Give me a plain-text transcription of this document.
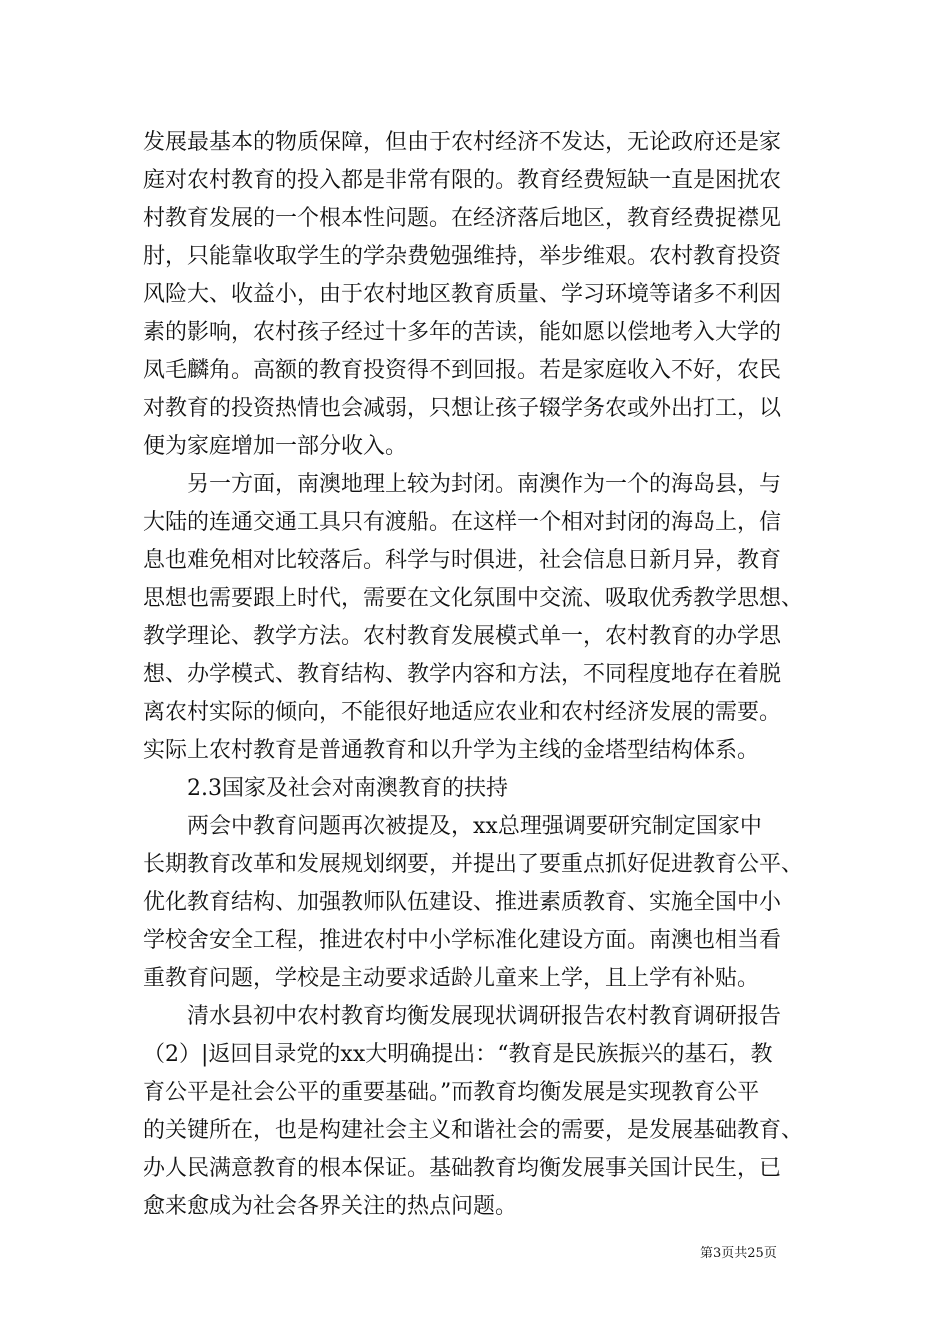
发展最基本的物质保障，但由于农村经济不发达，无论政府还是家
庭对农村教育的投入都是非常有限的。教育经费短缺一直是困扰农
村教育发展的一个根本性问题。在经济落后地区，教育经费捉襟见
肘，只能靠收取学生的学杂费勉强维持，举步维艰。农村教育投资
风险大、收益小，由于农村地区教育质量、学习环境等诸多不利因
素的影响，农村孩子经过十多年的苦读，能如愿以偿地考入大学的
凤毛麟角。高额的教育投资得不到回报。若是家庭收入不好，农民
对教育的投资热情也会减弱，只想让孩子辍学务农或外出打工，以
便为家庭增加一部分收入。
　　另一方面，南澳地理上较为封闭。南澳作为一个的海岛县，与
大陆的连通交通工具只有渡船。在这样一个相对封闭的海岛上，信
息也难免相对比较落后。科学与时俱进，社会信息日新月异，教育
思想也需要跟上时代，需要在文化氛围中交流、吸取优秀教学思想、
教学理论、教学方法。农村教育发展模式单一，农村教育的办学思
想、办学模式、教育结构、教学内容和方法，不同程度地存在着脱
离农村实际的倾向，不能很好地适应农业和农村经济发展的需要。
实际上农村教育是普通教育和以升学为主线的金塔型结构体系。
　　2.3国家及社会对南澳教育的扶持
　　两会中教育问题再次被提及，xx总理强调要研究制定国家中
长期教育改革和发展规划纲要，并提出了要重点抓好促进教育公平、
优化教育结构、加强教师队伍建设、推进素质教育、实施全国中小
学校舍安全工程，推进农村中小学标准化建设方面。南澳也相当看
重教育问题，学校是主动要求适龄儿童来上学，且上学有补贴。
　　清水县初中农村教育均衡发展现状调研报告农村教育调研报告
（2）|返回目录党的xx大明确提出：“教育是民族振兴的基石，教
育公平是社会公平的重要基础。”而教育均衡发展是实现教育公平
的关键所在，也是构建社会主义和谐社会的需要，是发展基础教育、
办人民满意教育的根本保证。基础教育均衡发展事关国计民生，已
愈来愈成为社会各界关注的热点问题。
第3页共25页
